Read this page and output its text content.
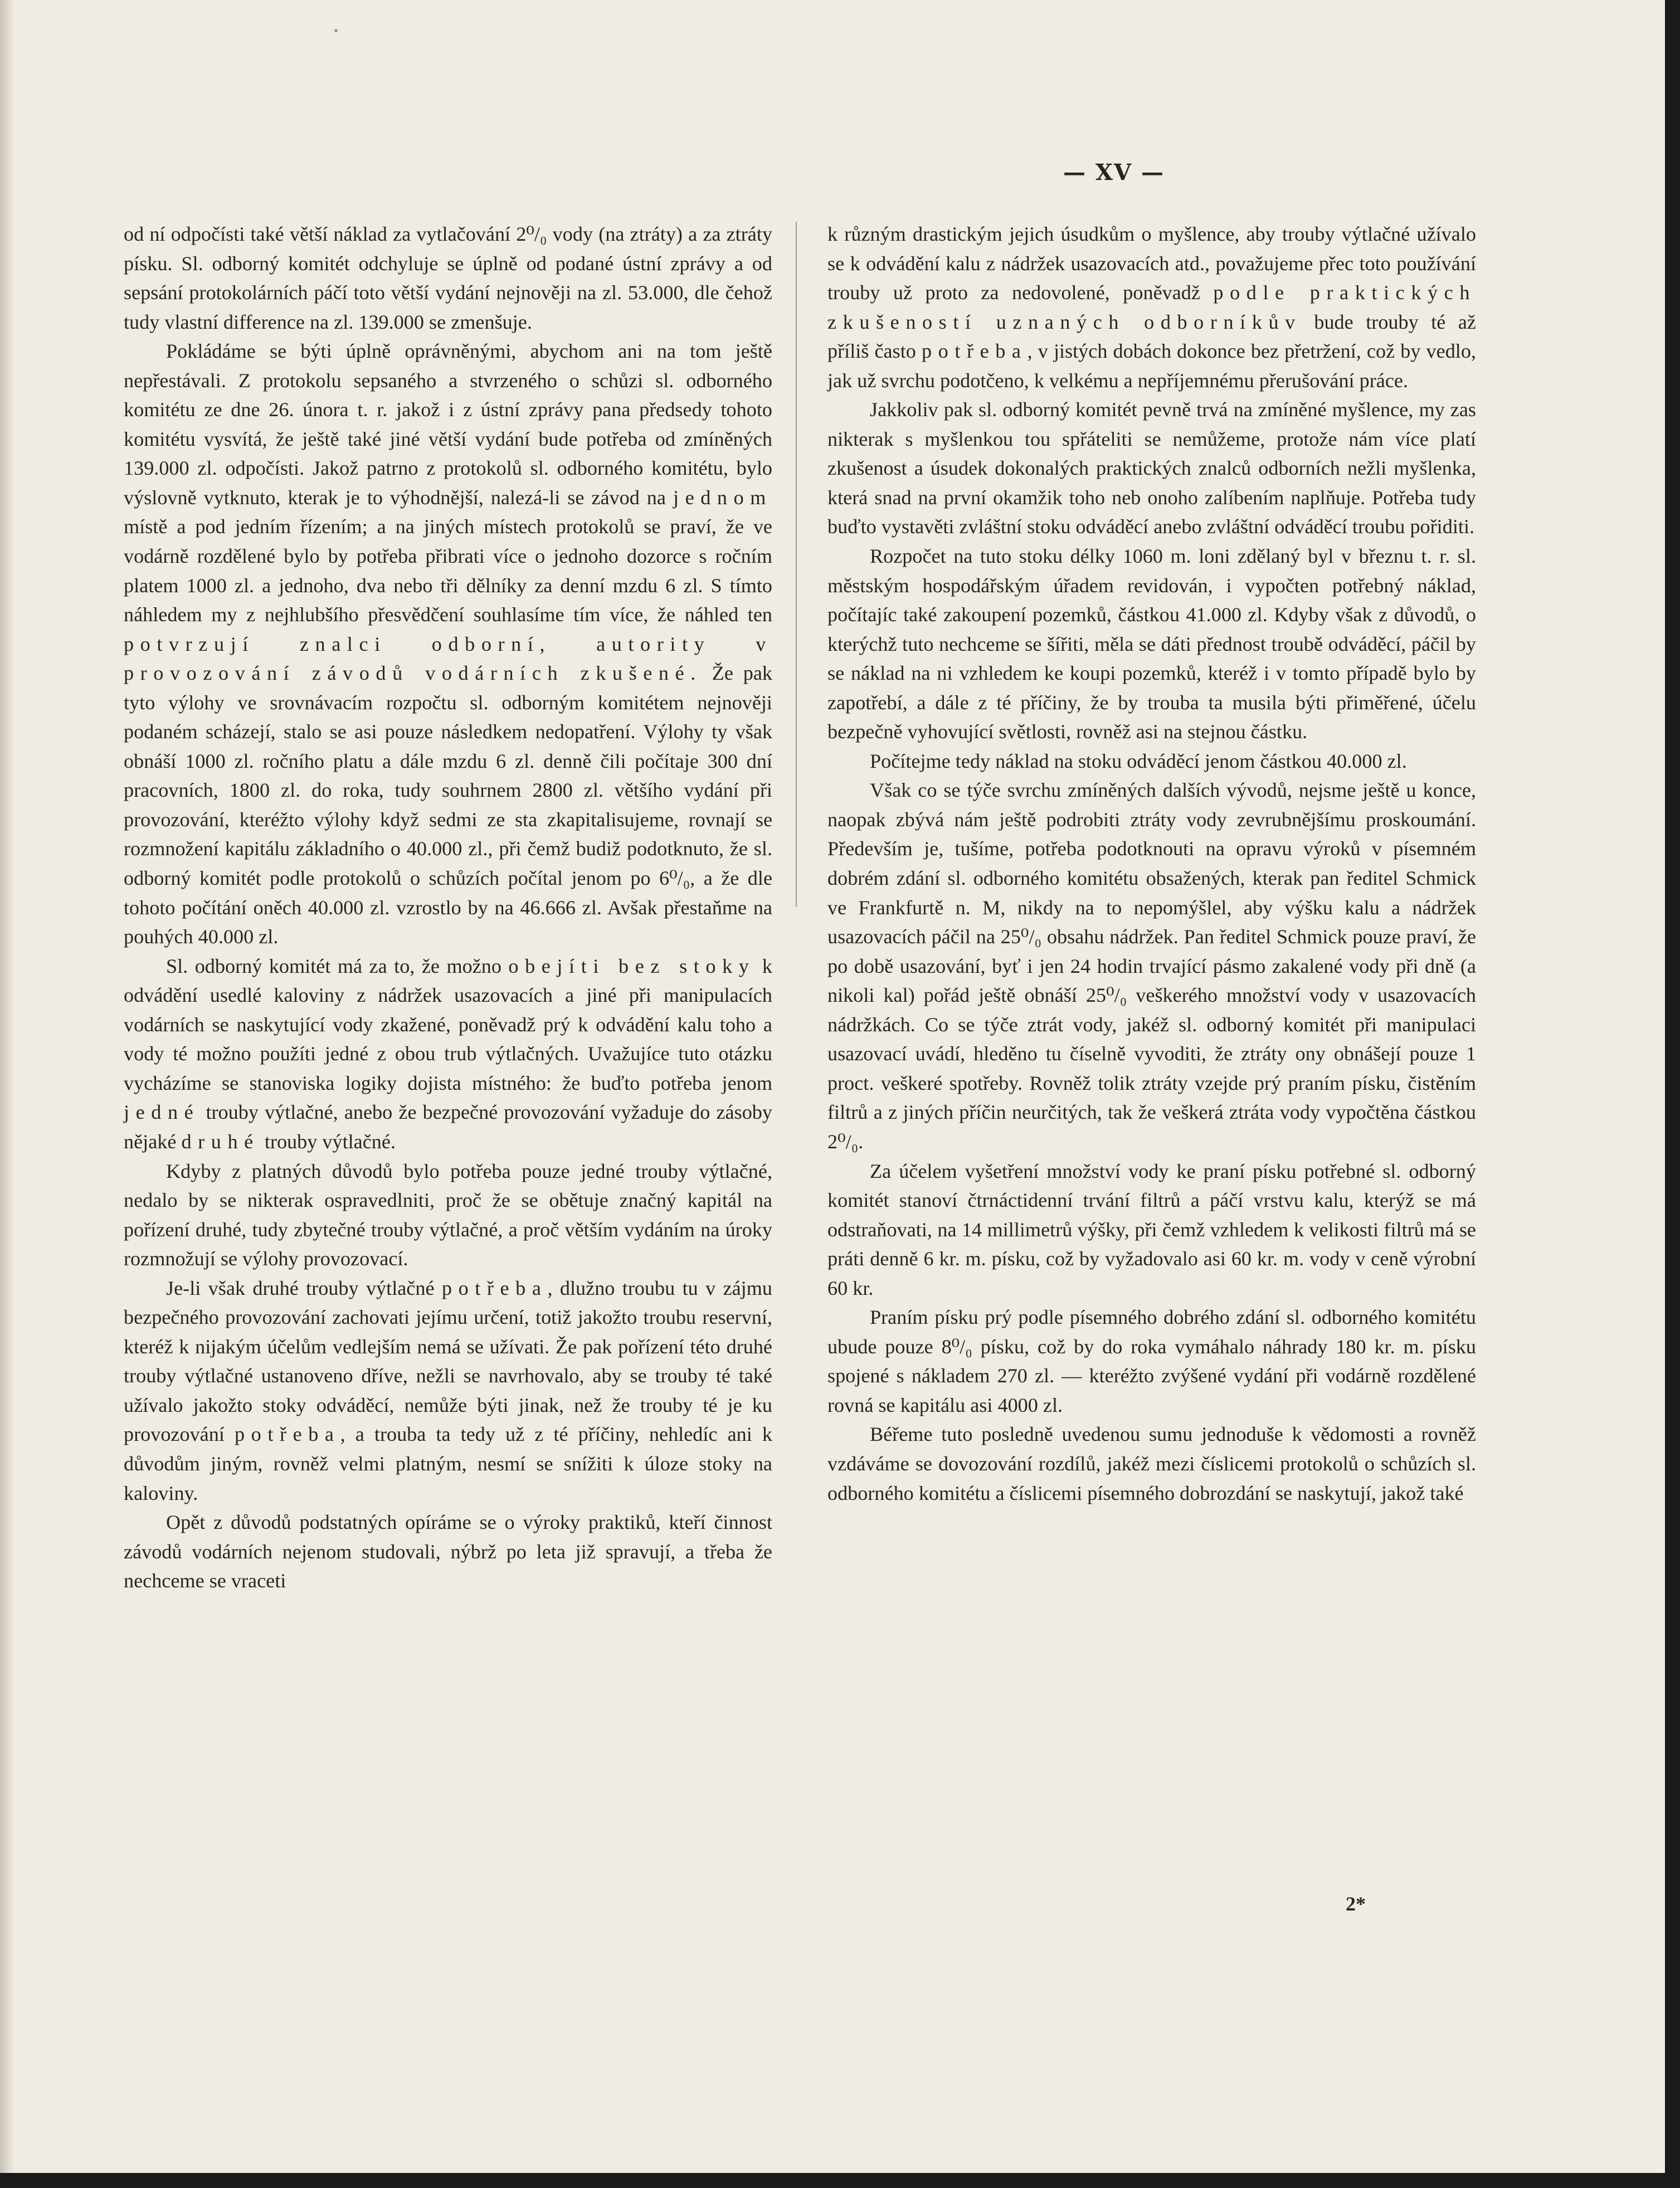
— XV —

od ní odpočísti také větší náklad za vytlačování 2⁰/₀ vody (na ztráty) a za ztráty písku. Sl. odborný komitét odchyluje se úplně od podané ústní zprávy a od sepsání protokolárních páčí toto větší vydání nejnověji na zl. 53.000, dle čehož tudy vlastní difference na zl. 139.000 se zmenšuje.

Pokládáme se býti úplně oprávněnými, abychom ani na tom ještě nepřestávali. Z protokolu sepsaného a stvrzeného o schůzi sl. odborného komitétu ze dne 26. února t. r. jakož i z ústní zprávy pana předsedy tohoto komitétu vysvítá, že ještě také jiné větší vydání bude potřeba od zmíněných 139.000 zl. odpočísti. Jakož patrno z protokolů sl. odborného komitétu, bylo výslovně vytknuto, kterak je to výhodnější, nalezá-li se závod na jednom místě a pod jedním řízením; a na jiných místech protokolů se praví, že ve vodárně rozdělené bylo by potřeba přibrati více o jednoho dozorce s ročním platem 1000 zl. a jednoho, dva nebo tři dělníky za denní mzdu 6 zl. S tímto náhledem my z nejhlubšího přesvědčení souhlasíme tím více, že náhled ten potvrzují znalci odborní, autority v provozování závodů vodárních zkušené. Že pak tyto výlohy ve srovnávacím rozpočtu sl. odborným komitétem nejnověji podaném scházejí, stalo se asi pouze následkem nedopatření. Výlohy ty však obnáší 1000 zl. ročního platu a dále mzdu 6 zl. denně čili počítaje 300 dní pracovních, 1800 zl. do roka, tudy souhrnem 2800 zl. většího vydání při provozování, kteréžto výlohy když sedmi ze sta zkapitalisujeme, rovnají se rozmnožení kapitálu základního o 40.000 zl., při čemž budiž podotknuto, že sl. odborný komitét podle protokolů o schůzích počítal jenom po 6⁰/₀, a že dle tohoto počítání oněch 40.000 zl. vzrostlo by na 46.666 zl. Avšak přestaňme na pouhých 40.000 zl.

Sl. odborný komitét má za to, že možno obejíti bez stoky k odvádění usedlé kaloviny z nádržek usazovacích a jiné při manipulacích vodárních se naskytující vody zkažené, poněvadž prý k odvádění kalu toho a vody té možno použíti jedné z obou trub výtlačných. Uvažujíce tuto otázku vycházíme se stanoviska logiky dojista místného: že buďto potřeba jenom jedné trouby výtlačné, anebo že bezpečné provozování vyžaduje do zásoby nějaké druhé trouby výtlačné.

Kdyby z platných důvodů bylo potřeba pouze jedné trouby výtlačné, nedalo by se nikterak ospravedlniti, proč že se obětuje značný kapitál na pořízení druhé, tudy zbytečné trouby výtlačné, a proč větším vydáním na úroky rozmnožují se výlohy provozovací.

Je-li však druhé trouby výtlačné potřeba, dlužno troubu tu v zájmu bezpečného provozování zachovati jejímu určení, totiž jakožto troubu reservní, kteréž k nijakým účelům vedlejším nemá se užívati. Že pak pořízení této druhé trouby výtlačné ustanoveno dříve, nežli se navrhovalo, aby se trouby té také užívalo jakožto stoky odváděcí, nemůže býti jinak, než že trouby té je ku provozování potřeba, a trouba ta tedy už z té příčiny, nehledíc ani k důvodům jiným, rovněž velmi platným, nesmí se snížiti k úloze stoky na kaloviny.

Opět z důvodů podstatných opíráme se o výroky praktiků, kteří činnost závodů vodárních nejenom studovali, nýbrž po leta již spravují, a třeba že nechceme se vraceti

k různým drastickým jejich úsudkům o myšlence, aby trouby výtlačné užívalo se k odvádění kalu z nádržek usazovacích atd., považujeme přec toto používání trouby už proto za nedovolené, poněvadž podle praktických zkušeností uznaných odborníkův bude trouby té až příliš často potřeba, v jistých dobách dokonce bez přetržení, což by vedlo, jak už svrchu podotčeno, k velkému a nepříjemnému přerušování práce.

Jakkoliv pak sl. odborný komitét pevně trvá na zmíněné myšlence, my zas nikterak s myšlenkou tou spřáteliti se nemůžeme, protože nám více platí zkušenost a úsudek dokonalých praktických znalců odborních nežli myšlenka, která snad na první okamžik toho neb onoho zalíbením naplňuje. Potřeba tudy buďto vystavěti zvláštní stoku odváděcí anebo zvláštní odváděcí troubu pořiditi.

Rozpočet na tuto stoku délky 1060 m. loni zdělaný byl v březnu t. r. sl. městským hospodářským úřadem revidován, i vypočten potřebný náklad, počítajíc také zakoupení pozemků, částkou 41.000 zl. Kdyby však z důvodů, o kterýchž tuto nechceme se šířiti, měla se dáti přednost troubě odváděcí, páčil by se náklad na ni vzhledem ke koupi pozemků, kteréž i v tomto případě bylo by zapotřebí, a dále z té příčiny, že by trouba ta musila býti přiměřené, účelu bezpečně vyhovující světlosti, rovněž asi na stejnou částku.

Počítejme tedy náklad na stoku odváděcí jenom částkou 40.000 zl.

Však co se týče svrchu zmíněných dalších vývodů, nejsme ještě u konce, naopak zbývá nám ještě podrobiti ztráty vody zevrubnějšímu proskoumání. Především je, tušíme, potřeba podotknouti na opravu výroků v písemném dobrém zdání sl. odborného komitétu obsažených, kterak pan ředitel Schmick ve Frankfurtě n. M, nikdy na to nepomýšlel, aby výšku kalu a nádržek usazovacích páčil na 25⁰/₀ obsahu nádržek. Pan ředitel Schmick pouze praví, že po době usazování, byť i jen 24 hodin trvající pásmo zakalené vody při dně (a nikoli kal) pořád ještě obnáší 25⁰/₀ veškerého množství vody v usazovacích nádržkách. Co se týče ztrát vody, jakéž sl. odborný komitét při manipulaci usazovací uvádí, hleděno tu číselně vyvoditi, že ztráty ony obnášejí pouze 1 proct. veškeré spotřeby. Rovněž tolik ztráty vzejde prý praním písku, čistěním filtrů a z jiných příčin neurčitých, tak že veškerá ztráta vody vypočtěna částkou 2⁰/₀.

Za účelem vyšetření množství vody ke praní písku potřebné sl. odborný komitét stanoví čtrnáctidenní trvání filtrů a páčí vrstvu kalu, kterýž se má odstraňovati, na 14 millimetrů výšky, při čemž vzhledem k velikosti filtrů má se práti denně 6 kr. m. písku, což by vyžadovalo asi 60 kr. m. vody v ceně výrobní 60 kr.

Praním písku prý podle písemného dobrého zdání sl. odborného komitétu ubude pouze 8⁰/₀ písku, což by do roka vymáhalo náhrady 180 kr. m. písku spojené s nákladem 270 zl. — kteréžto zvýšené vydání při vodárně rozdělené rovná se kapitálu asi 4000 zl.

Béřeme tuto posledně uvedenou sumu jednoduše k vědomosti a rovněž vzdáváme se dovozování rozdílů, jakéž mezi číslicemi protokolů o schůzích sl. odborného komitétu a číslicemi písemného dobrozdání se naskytují, jakož také

2*
